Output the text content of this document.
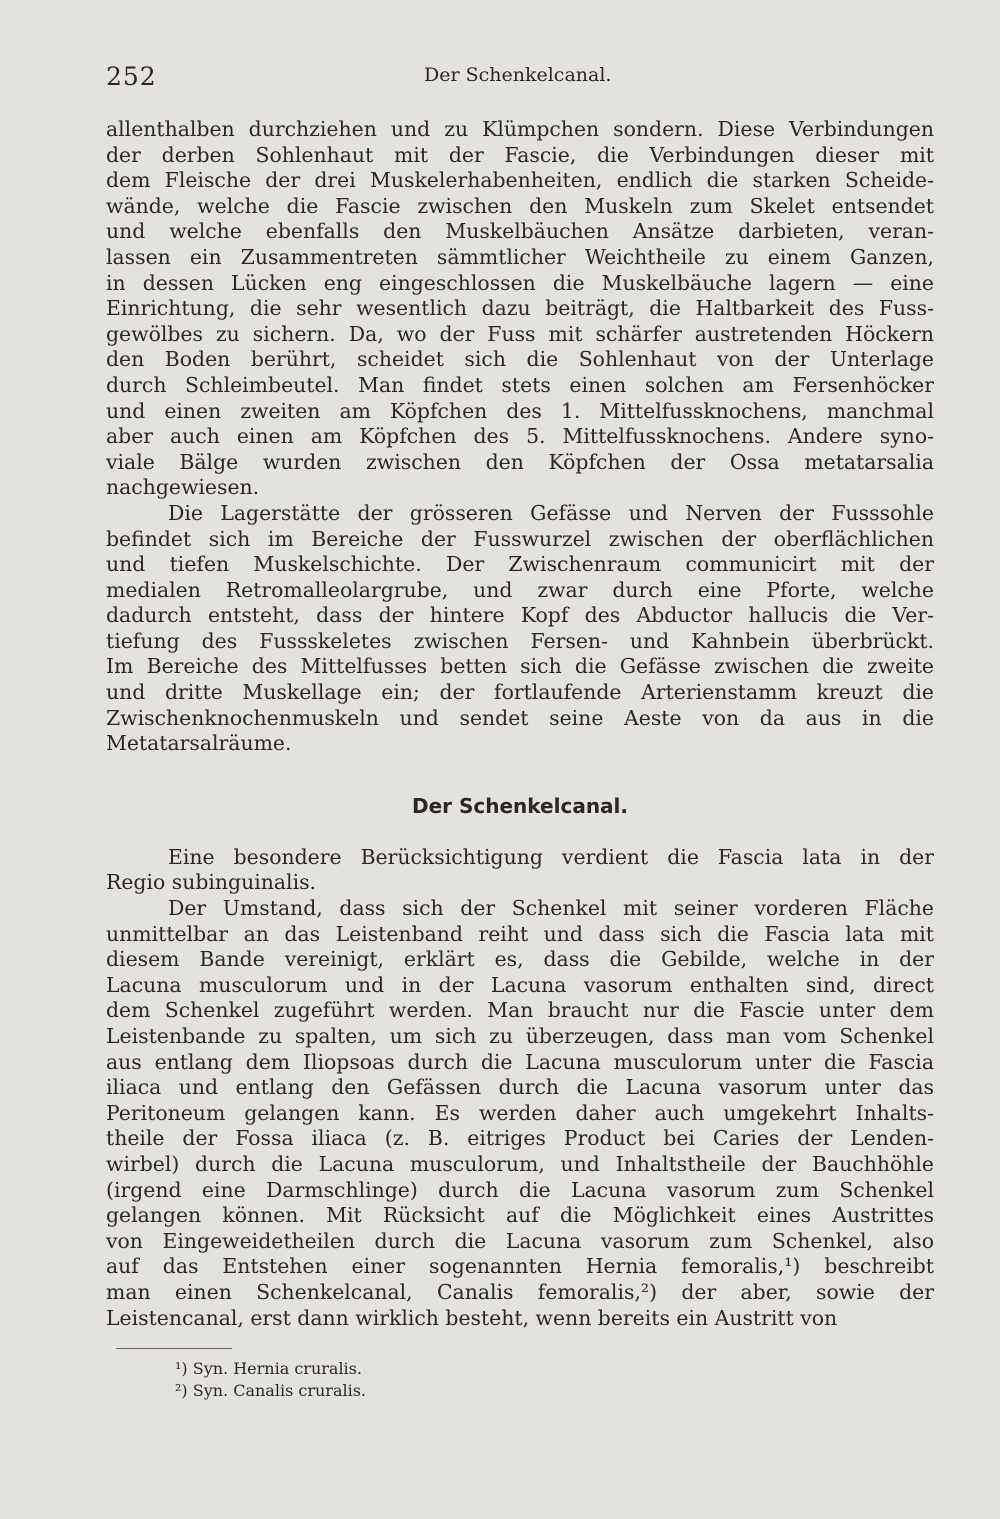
252	Der Schenkelcanal.
allenthalben durchziehen und zu Klümpchen sondern. Diese Verbindungen
der derben Sohlenhaut mit der Fascie, die Verbindungen dieser mit
dem Fleische der drei Muskelerhabenheiten, endlich die starken Scheide-
wände, welche die Fascie zwischen den Muskeln zum Skelet entsendet
und welche ebenfalls den Muskelbäuchen Ansätze darbieten, veran-
lassen ein Zusammentreten sämmtlicher Weichtheile zu einem Ganzen,
in dessen Lücken eng eingeschlossen die Muskelbäuche lagern — eine
Einrichtung, die sehr wesentlich dazu beiträgt, die Haltbarkeit des Fuss-
gewölbes zu sichern. Da, wo der Fuss mit schärfer austretenden Höckern
den Boden berührt, scheidet sich die Sohlenhaut von der Unterlage
durch Schleimbeutel. Man findet stets einen solchen am Fersenhöcker
und einen zweiten am Köpfchen des 1. Mittelfussknochens, manchmal
aber auch einen am Köpfchen des 5. Mittelfussknochens. Andere syno-
viale Bälge wurden zwischen den Köpfchen der Ossa metatarsalia
nachgewiesen.
Die Lagerstätte der grösseren Gefässe und Nerven der Fusssohle
befindet sich im Bereiche der Fusswurzel zwischen der oberflächlichen
und tiefen Muskelschichte. Der Zwischenraum communicirt mit der
medialen Retromalleolargrube, und zwar durch eine Pforte, welche
dadurch entsteht, dass der hintere Kopf des Abductor hallucis die Ver-
tiefung des Fussskeletes zwischen Fersen- und Kahnbein überbrückt.
Im Bereiche des Mittelfusses betten sich die Gefässe zwischen die zweite
und dritte Muskellage ein; der fortlaufende Arterienstamm kreuzt die
Zwischenknochenmuskeln und sendet seine Aeste von da aus in die
Metatarsalräume.
Der Schenkelcanal.
Eine besondere Berücksichtigung verdient die Fascia lata in der
Regio subinguinalis.
Der Umstand, dass sich der Schenkel mit seiner vorderen Fläche
unmittelbar an das Leistenband reiht und dass sich die Fascia lata mit
diesem Bande vereinigt, erklärt es, dass die Gebilde, welche in der
Lacuna musculorum und in der Lacuna vasorum enthalten sind, direct
dem Schenkel zugeführt werden. Man braucht nur die Fascie unter dem
Leistenbande zu spalten, um sich zu überzeugen, dass man vom Schenkel
aus entlang dem Iliopsoas durch die Lacuna musculorum unter die Fascia
iliaca und entlang den Gefässen durch die Lacuna vasorum unter das
Peritoneum gelangen kann. Es werden daher auch umgekehrt Inhalts-
theile der Fossa iliaca (z. B. eitriges Product bei Caries der Lenden-
wirbel) durch die Lacuna musculorum, und Inhaltstheile der Bauchhöhle
(irgend eine Darmschlinge) durch die Lacuna vasorum zum Schenkel
gelangen können. Mit Rücksicht auf die Möglichkeit eines Austrittes
von Eingeweidetheilen durch die Lacuna vasorum zum Schenkel, also
auf das Entstehen einer sogenannten Hernia femoralis,¹) beschreibt
man einen Schenkelcanal, Canalis femoralis,²) der aber, sowie der
Leistencanal, erst dann wirklich besteht, wenn bereits ein Austritt von
¹) Syn. Hernia cruralis.
²) Syn. Canalis cruralis.
